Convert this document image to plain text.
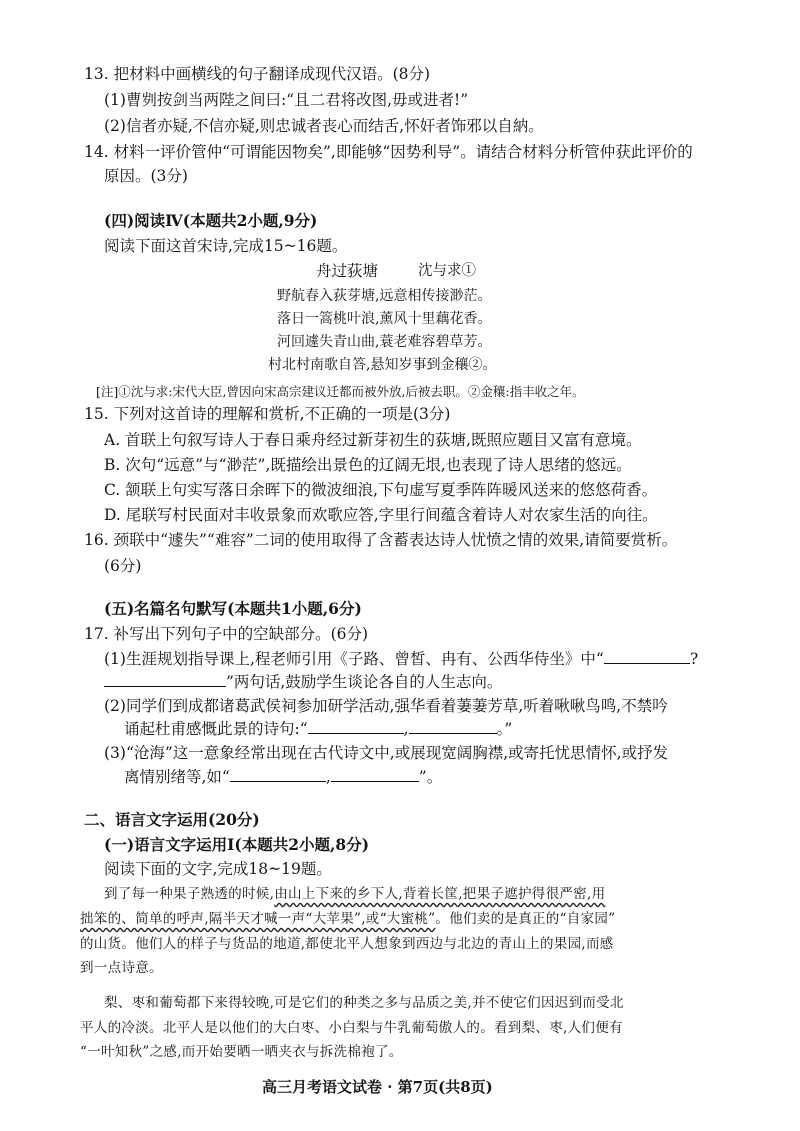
13. 把材料中画横线的句子翻译成现代汉语。(8分)
(1)曹刿按剑当两陛之间曰:“且二君将改图,毋或进者!”
(2)信者亦疑,不信亦疑,则忠诚者丧心而结舌,怀奸者饰邪以自納。
14. 材料一评价管仲“可谓能因物矣”,即能够“因势利导”。请结合材料分析管仲获此评价的
原因。(3分)
(四)阅读Ⅳ(本题共2小题,9分)
阅读下面这首宋诗,完成15~16题。
舟过荻塘	沈与求①
野航春入荻芽塘,远意相传接渺茫。
落日一篙桃叶浪,薰风十里藕花香。
河回遽失青山曲,蓑老难容碧草芳。
村北村南歌自答,悬知岁事到金穰②。
[注]①沈与求:宋代大臣,曾因向宋高宗建议迁都而被外放,后被去职。②金穰:指丰收之年。
15. 下列对这首诗的理解和赏析,不正确的一项是(3分)
A. 首联上句叙写诗人于春日乘舟经过新芽初生的荻塘,既照应题目又富有意境。
B. 次句“远意”与“渺茫”,既描绘出景色的辽阔无垠,也表现了诗人思绪的悠远。
C. 颔联上句实写落日余晖下的微波细浪,下句虚写夏季阵阵暖风送来的悠悠荷香。
D. 尾联写村民面对丰收景象而欢歌应答,字里行间蕴含着诗人对农家生活的向往。
16. 颈联中“遽失”“难容”二词的使用取得了含蓄表达诗人忧愤之情的效果,请简要赏析。
(6分)
(五)名篇名句默写(本题共1小题,6分)
17. 补写出下列句子中的空缺部分。(6分)
(1)生涯规划指导课上,程老师引用《子路、曾皙、冉有、公西华侍坐》中“	?
”两句话,鼓励学生谈论各自的人生志向。
(2)同学们到成都诸葛武侯祠参加研学活动,强华看着萋萋芳草,听着啾啾鸟鸣,不禁吟
诵起杜甫感慨此景的诗句:“	,	。”
(3)“沧海”这一意象经常出现在古代诗文中,或展现宽阔胸襟,或寄托忧思情怀,或抒发
离情别绪等,如“	,	”。
二、语言文字运用(20分)
(一)语言文字运用Ⅰ(本题共2小题,8分)
阅读下面的文字,完成18~19题。
到了每一种果子熟透的时候,由山上下来的乡下人,背着长筐,把果子遮护得很严密,用
拙笨的、简单的呼声,隔半天才喊一声“大苹果”,或“大蜜桃”。他们卖的是真正的“自家园”
的山货。他们人的样子与货品的地道,都使北平人想象到西边与北边的青山上的果园,而感
到一点诗意。
梨、枣和葡萄都下来得较晚,可是它们的种类之多与品质之美,并不使它们因迟到而受北
平人的冷淡。北平人是以他们的大白枣、小白梨与牛乳葡萄傲人的。看到梨、枣,人们便有
“一叶知秋”之感,而开始要晒一晒夹衣与拆洗棉袍了。
高三月考语文试卷 · 第7页(共8页)
